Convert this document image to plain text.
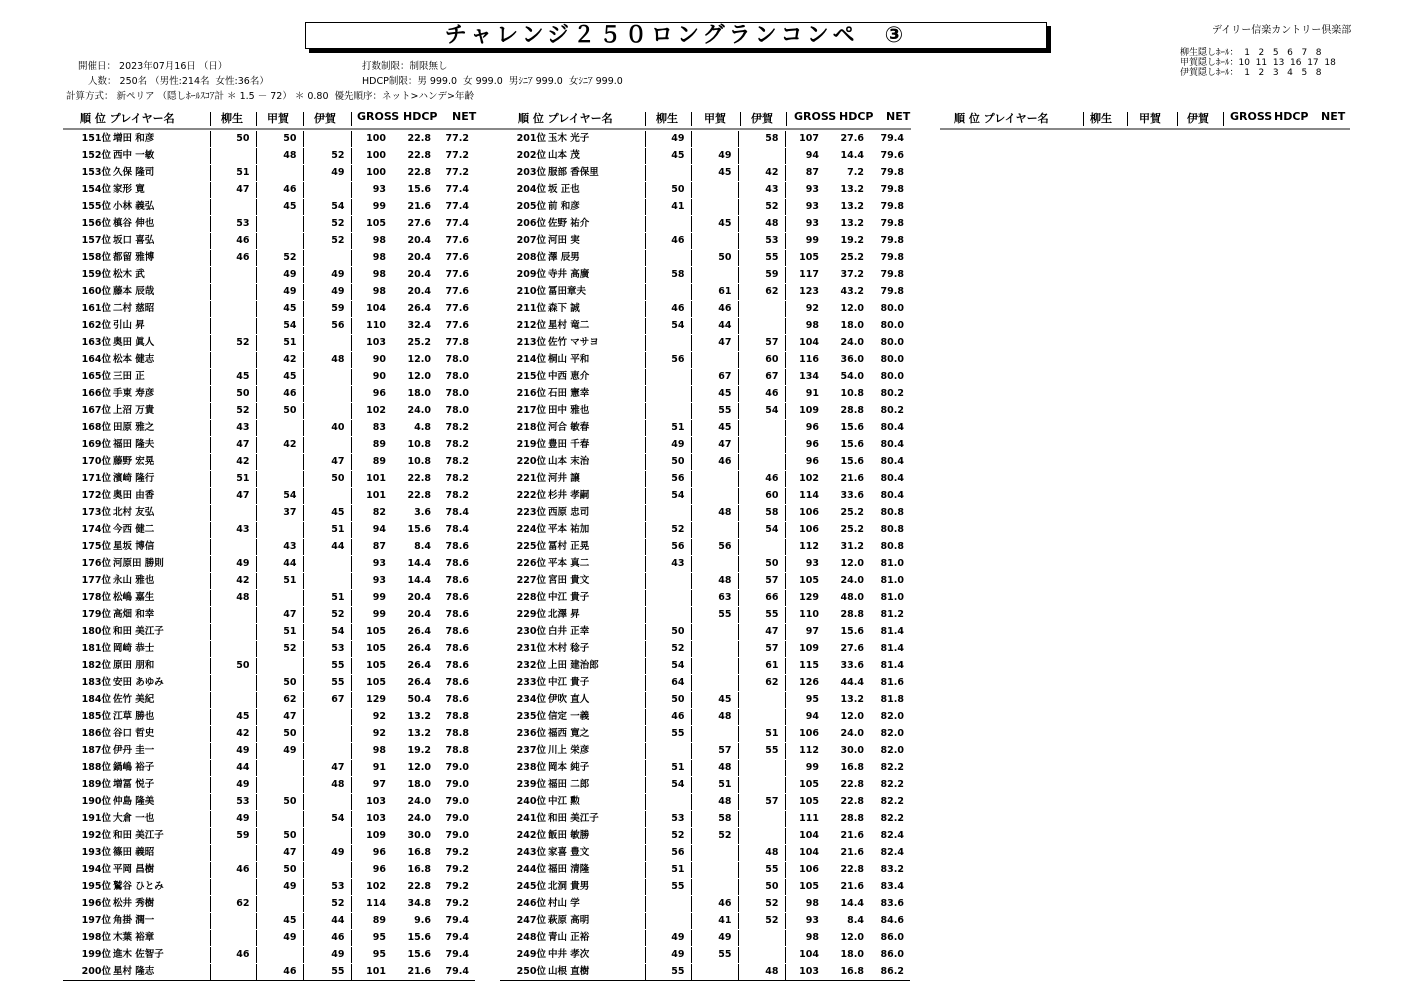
チャレンジ２５０ロングランコンペ　③	デイリー信楽カントリー倶楽部
柳生隠しﾎｰﾙ：  1   2   5   6   7   8
甲賀隠しﾎｰﾙ：10  11  13  16  17  18
伊賀隠しﾎｰﾙ：  1   2   3   4   5   8
開催日： 2023年07月16日 （日）
人数： 250名 （男性:214名  女性:36名）
計算方式： 新ペリア （隠しﾎｰﾙｽｺｱ計 ＊ 1.5 － 72） ＊ 0.80  優先順序：ネット>ハンデ>年齢
打数制限：制限無し
HDCP制限：男 999.0  女 999.0  男ｼﾆｱ 999.0  女ｼﾆｱ 999.0
順 位 プレイヤー名	柳生 甲賀 伊賀 GROSS HDCP NET	順 位 プレイヤー名	柳生 甲賀 伊賀 GROSS HDCP NET	順 位 プレイヤー名	柳生 甲賀 伊賀 GROSS HDCP NET
151位	増田 和彦	50	50		100	22.8	77.2
152位	西中 一敏		48	52	100	22.8	77.2
153位	久保 隆司	51		49	100	22.8	77.2
154位	家形 寛	47	46		93	15.6	77.4
155位	小林 義弘		45	54	99	21.6	77.4
156位	槙谷 伸也	53		52	105	27.6	77.4
157位	坂口 喜弘	46		52	98	20.4	77.6
158位	都留 雅博	46	52		98	20.4	77.6
159位	松木 武		49	49	98	20.4	77.6
160位	藤本 辰哉		49	49	98	20.4	77.6
161位	二村 慈昭		45	59	104	26.4	77.6
162位	引山 昇		54	56	110	32.4	77.6
163位	奥田 眞人	52	51		103	25.2	77.8
164位	松本 健志		42	48	90	12.0	78.0
165位	三田 正	45	45		90	12.0	78.0
166位	手東 寿彦	50	46		96	18.0	78.0
167位	上沼 万貴	52	50		102	24.0	78.0
168位	田原 雅之	43		40	83	4.8	78.2
169位	福田 隆夫	47	42		89	10.8	78.2
170位	藤野 宏晃	42		47	89	10.8	78.2
171位	濱崎 隆行	51		50	101	22.8	78.2
172位	奥田 由香	47	54		101	22.8	78.2
173位	北村 友弘		37	45	82	3.6	78.4
174位	今西 健二	43		51	94	15.6	78.4
175位	星坂 博信		43	44	87	8.4	78.6
176位	河原田 勝則	49	44		93	14.4	78.6
177位	永山 雅也	42	51		93	14.4	78.6
178位	松嶋 嘉生	48		51	99	20.4	78.6
179位	高畑 和幸		47	52	99	20.4	78.6
180位	和田 美江子		51	54	105	26.4	78.6
181位	岡崎 恭士		52	53	105	26.4	78.6
182位	原田 朋和	50		55	105	26.4	78.6
183位	安田 あゆみ		50	55	105	26.4	78.6
184位	佐竹 美紀		62	67	129	50.4	78.6
185位	江草 勝也	45	47		92	13.2	78.8
186位	谷口 哲史	42	50		92	13.2	78.8
187位	伊丹 圭一	49	49		98	19.2	78.8
188位	鍋嶋 裕子	44		47	91	12.0	79.0
189位	増冨 悦子	49		48	97	18.0	79.0
190位	仲島 隆美	53	50		103	24.0	79.0
191位	大倉 一也	49		54	103	24.0	79.0
192位	和田 美江子	59	50		109	30.0	79.0
193位	篠田 義昭		47	49	96	16.8	79.2
194位	平岡 昌樹	46	50		96	16.8	79.2
195位	鷲谷 ひとみ		49	53	102	22.8	79.2
196位	松井 秀樹	62		52	114	34.8	79.2
197位	角掛 潤一		45	44	89	9.6	79.4
198位	木葉 裕章		49	46	95	15.6	79.4
199位	進木 佐智子	46		49	95	15.6	79.4
200位	星村 隆志		46	55	101	21.6	79.4
201位	玉木 光子	49		58	107	27.6	79.4
202位	山本 茂	45	49		94	14.4	79.6
203位	服部 香保里		45	42	87	7.2	79.8
204位	坂 正也	50		43	93	13.2	79.8
205位	前 和彦	41		52	93	13.2	79.8
206位	佐野 祐介		45	48	93	13.2	79.8
207位	河田 実	46		53	99	19.2	79.8
208位	澤 辰男		50	55	105	25.2	79.8
209位	寺井 高廣	58		59	117	37.2	79.8
210位	冨田章夫		61	62	123	43.2	79.8
211位	森下 誠	46	46		92	12.0	80.0
212位	星村 竜二	54	44		98	18.0	80.0
213位	佐竹 マサヨ		47	57	104	24.0	80.0
214位	桐山 平和	56		60	116	36.0	80.0
215位	中西 恵介		67	67	134	54.0	80.0
216位	石田 憲幸		45	46	91	10.8	80.2
217位	田中 雅也		55	54	109	28.8	80.2
218位	河合 敏春	51	45		96	15.6	80.4
219位	豊田 千春	49	47		96	15.6	80.4
220位	山本 末治	50	46		96	15.6	80.4
221位	河井 譲	56		46	102	21.6	80.4
222位	杉井 孝嗣	54		60	114	33.6	80.4
223位	西原 忠司		48	58	106	25.2	80.8
224位	平本 祐加	52		54	106	25.2	80.8
225位	冨村 正晃	56	56		112	31.2	80.8
226位	平本 真二	43		50	93	12.0	81.0
227位	宮田 貴文		48	57	105	24.0	81.0
228位	中江 貴子		63	66	129	48.0	81.0
229位	北澤 昇		55	55	110	28.8	81.2
230位	白井 正幸	50		47	97	15.6	81.4
231位	木村 稔子	52		57	109	27.6	81.4
232位	上田 建治郎	54		61	115	33.6	81.4
233位	中江 貴子	64		62	126	44.4	81.6
234位	伊吹 直人	50	45		95	13.2	81.8
235位	信定 一義	46	48		94	12.0	82.0
236位	福西 寛之	55		51	106	24.0	82.0
237位	川上 栄彦		57	55	112	30.0	82.0
238位	岡本 純子	51	48		99	16.8	82.2
239位	福田 二郎	54	51		105	22.8	82.2
240位	中江 勲		48	57	105	22.8	82.2
241位	和田 美江子	53	58		111	28.8	82.2
242位	飯田 敏勝	52	52		104	21.6	82.4
243位	家喜 豊文	56		48	104	21.6	82.4
244位	福田 清隆	51		55	106	22.8	83.2
245位	北洞 貴男	55		50	105	21.6	83.4
246位	村山 学		46	52	98	14.4	83.6
247位	萩原 高明		41	52	93	8.4	84.6
248位	青山 正裕	49	49		98	12.0	86.0
249位	中井 孝次	49	55		104	18.0	86.0
250位	山根 直樹	55		48	103	16.8	86.2
